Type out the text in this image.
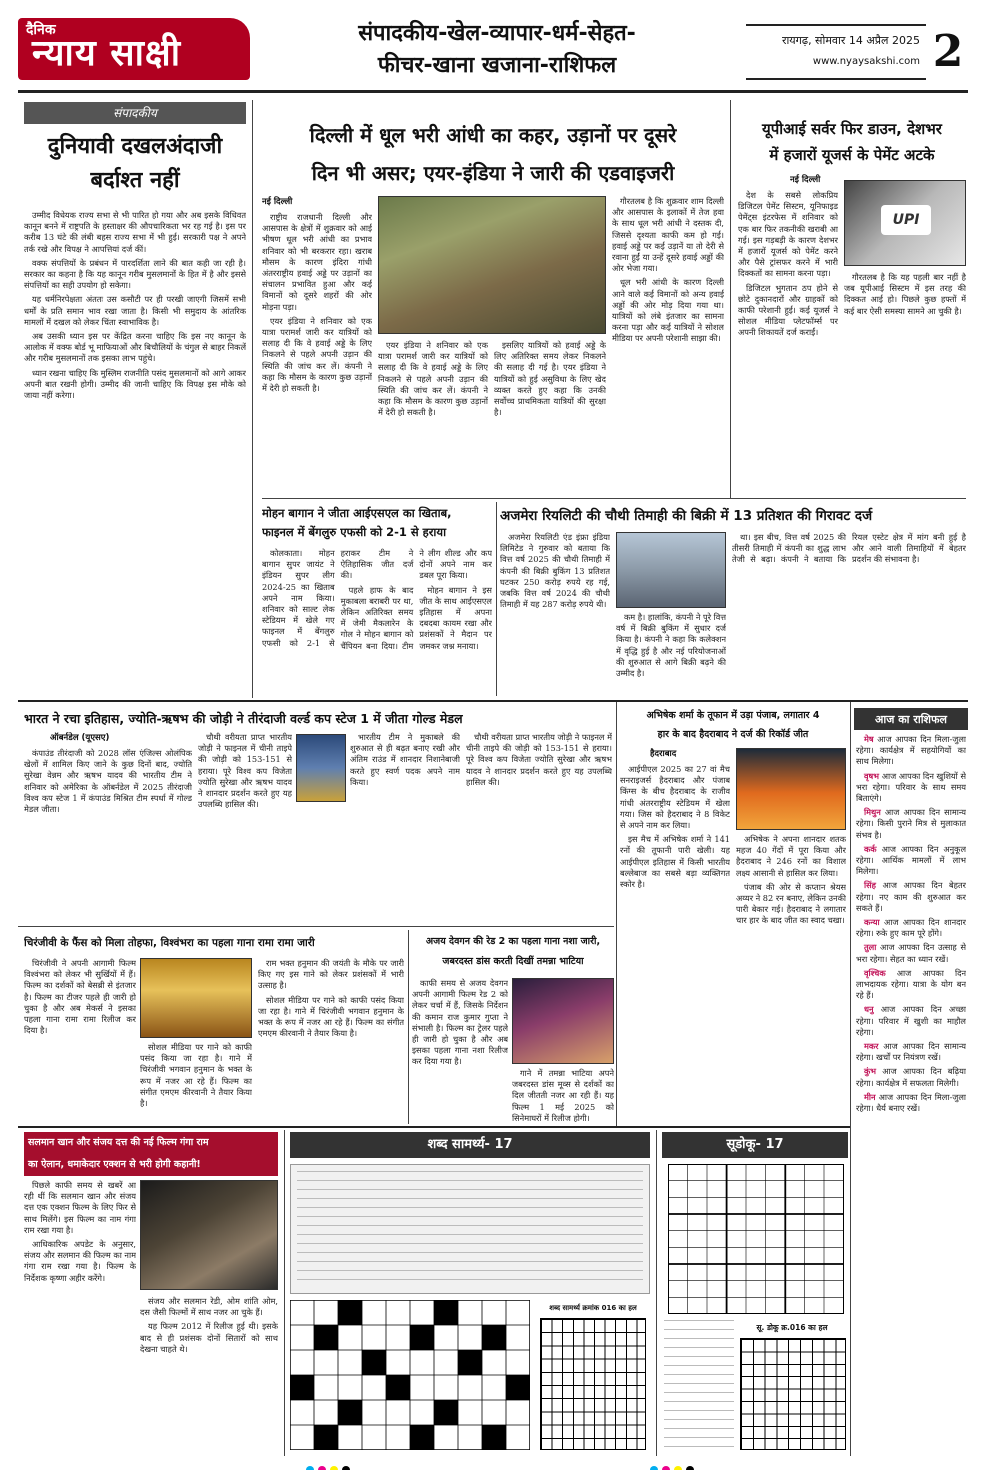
दैनिक
न्याय साक्षी	संपादकीय-खेल-व्यापार-धर्म-सेहत-
फीचर-खाना खजाना-राशिफल
रायगढ़, सोमवार 14 अप्रैल 2025
www.nyaysakshi.com 2
संपादकीय
दुनियावी दखलअंदाजी
बर्दाश्त नहीं

उम्मीद विधेयक राज्य सभा से भी पारित हो गया और अब इसके विधिवत कानून बनने में राष्ट्रपति के हस्ताक्षर की औपचारिकता भर रह गई है। इस पर करीब 13 घंटे की लंबी बहस राज्य सभा में भी हुई। सरकारी पक्ष ने अपने तर्क रखे और विपक्ष ने आपत्तियां दर्ज कीं।

वक्फ संपत्तियों के प्रबंधन में पारदर्शिता लाने की बात कही जा रही है। सरकार का कहना है कि यह कानून गरीब मुसलमानों के हित में है और इससे संपत्तियों का सही उपयोग हो सकेगा।

यह धर्मनिरपेक्षता अंततः उस कसौटी पर ही परखी जाएगी जिसमें सभी धर्मों के प्रति समान भाव रखा जाता है। किसी भी समुदाय के आंतरिक मामलों में दखल को लेकर चिंता स्वाभाविक है।

अब उसकी ध्यान इस पर केंद्रित करना चाहिए कि इस नए कानून के आलोक में वक्फ बोर्ड भू माफियाओं और बिचौलियों के चंगुल से बाहर निकलें और गरीब मुसलमानों तक इसका लाभ पहुंचे।

ध्यान रखना चाहिए कि मुस्लिम राजनीति पसंद मुसलमानों को आगे आकर अपनी बात रखनी होगी। उम्मीद की जानी चाहिए कि विपक्ष इस मौके को जाया नहीं करेगा।

दिल्ली में धूल भरी आंधी का कहर, उड़ानों पर दूसरे
दिन भी असर; एयर-इंडिया ने जारी की एडवाइजरी
नई दिल्ली

राष्ट्रीय राजधानी दिल्ली और आसपास के क्षेत्रों में शुक्रवार को आई भीषण धूल भरी आंधी का प्रभाव शनिवार को भी बरकरार रहा। खराब मौसम के कारण इंदिरा गांधी अंतरराष्ट्रीय हवाई अड्डे पर उड़ानों का संचालन प्रभावित हुआ और कई विमानों को दूसरे शहरों की ओर मोड़ना पड़ा।

एयर इंडिया ने शनिवार को एक यात्रा परामर्श जारी कर यात्रियों को सलाह दी कि वे हवाई अड्डे के लिए निकलने से पहले अपनी उड़ान की स्थिति की जांच कर लें। कंपनी ने कहा कि मौसम के कारण कुछ उड़ानों में देरी हो सकती है।

एयर इंडिया ने शनिवार को एक यात्रा परामर्श जारी कर यात्रियों को सलाह दी कि वे हवाई अड्डे के लिए निकलने से पहले अपनी उड़ान की स्थिति की जांच कर लें। कंपनी ने कहा कि मौसम के कारण कुछ उड़ानों में देरी हो सकती है।

इसलिए यात्रियों को हवाई अड्डे के लिए अतिरिक्त समय लेकर निकलने की सलाह दी गई है। एयर इंडिया ने यात्रियों को हुई असुविधा के लिए खेद व्यक्त करते हुए कहा कि उनकी सर्वोच्च प्राथमिकता यात्रियों की सुरक्षा है।

गौरतलब है कि शुक्रवार शाम दिल्ली और आसपास के इलाकों में तेज हवा के साथ धूल भरी आंधी ने दस्तक दी, जिससे दृश्यता काफी कम हो गई। हवाई अड्डे पर कई उड़ानें या तो देरी से रवाना हुईं या उन्हें दूसरे हवाई अड्डों की ओर भेजा गया।

धूल भरी आंधी के कारण दिल्ली आने वाले कई विमानों को अन्य हवाई अड्डों की ओर मोड़ दिया गया था। यात्रियों को लंबे इंतजार का सामना करना पड़ा और कई यात्रियों ने सोशल मीडिया पर अपनी परेशानी साझा की।

यूपीआई सर्वर फिर डाउन, देशभर
में हजारों यूजर्स के पेमेंट अटके
नई दिल्ली

देश के सबसे लोकप्रिय डिजिटल पेमेंट सिस्टम, यूनिफाइड पेमेंट्स इंटरफेस में शनिवार को एक बार फिर तकनीकी खराबी आ गई। इस गड़बड़ी के कारण देशभर में हजारों यूजर्स को पेमेंट करने और पैसे ट्रांसफर करने में भारी दिक्कतों का सामना करना पड़ा।

डिजिटल भुगतान ठप होने से छोटे दुकानदारों और ग्राहकों को काफी परेशानी हुई। कई यूजर्स ने सोशल मीडिया प्लेटफॉर्म्स पर अपनी शिकायतें दर्ज कराईं।

UPI

गौरतलब है कि यह पहली बार नहीं है जब यूपीआई सिस्टम में इस तरह की दिक्कत आई हो। पिछले कुछ हफ्तों में कई बार ऐसी समस्या सामने आ चुकी है।

मोहन बागान ने जीता आईएसएल का खिताब,
फाइनल में बेंगलुरु एफसी को 2-1 से हराया

कोलकाता। मोहन बागान सुपर जायंट ने इंडियन सुपर लीग 2024-25 का खिताब अपने नाम किया। शनिवार को साल्ट लेक स्टेडियम में खेले गए फाइनल में बेंगलुरु एफसी को 2-1 से हराकर टीम ने ऐतिहासिक जीत दर्ज की।

पहले हाफ के बाद मुकाबला बराबरी पर था, लेकिन अतिरिक्त समय में जेमी मैकलारेन के गोल ने मोहन बागान को चैंपियन बना दिया। टीम ने लीग शील्ड और कप दोनों अपने नाम कर डबल पूरा किया।

मोहन बागान ने इस जीत के साथ आईएसएल इतिहास में अपना दबदबा कायम रखा और प्रशंसकों ने मैदान पर जमकर जश्न मनाया।

अजमेरा रियलिटी की चौथी तिमाही की बिक्री में 13 प्रतिशत की गिरावट दर्ज

अजमेरा रियलिटी एंड इंफ्रा इंडिया लिमिटेड ने गुरुवार को बताया कि वित्त वर्ष 2025 की चौथी तिमाही में कंपनी की बिक्री बुकिंग 13 प्रतिशत घटकर 250 करोड़ रुपये रह गई, जबकि वित्त वर्ष 2024 की चौथी तिमाही में यह 287 करोड़ रुपये थी।

कम है। हालांकि, कंपनी ने पूरे वित्त वर्ष में बिक्री बुकिंग में सुधार दर्ज किया है। कंपनी ने कहा कि कलेक्शन में वृद्धि हुई है और नई परियोजनाओं की शुरुआत से आगे बिक्री बढ़ने की उम्मीद है।

था। इस बीच, वित्त वर्ष 2025 की तीसरी तिमाही में कंपनी का शुद्ध लाभ तेजी से बढ़ा। कंपनी ने बताया कि रियल एस्टेट क्षेत्र में मांग बनी हुई है और आने वाली तिमाहियों में बेहतर प्रदर्शन की संभावना है।

भारत ने रचा इतिहास, ज्योति-ऋषभ की जोड़ी ने तीरंदाजी वर्ल्ड कप स्टेज 1 में जीता गोल्ड मेडल
ऑबर्नडेल (यूएसए)

कंपाउंड तीरंदाजी को 2028 लॉस एंजिल्स ओलंपिक खेलों में शामिल किए जाने के कुछ दिनों बाद, ज्योति सुरेखा वेन्नम और ऋषभ यादव की भारतीय टीम ने शनिवार को अमेरिका के ऑबर्नडेल में 2025 तीरंदाजी विश्व कप स्टेज 1 में कंपाउंड मिश्रित टीम स्पर्धा में गोल्ड मेडल जीता।

चौथी वरीयता प्राप्त भारतीय जोड़ी ने फाइनल में चीनी ताइपे की जोड़ी को 153-151 से हराया। पूरे विश्व कप विजेता ज्योति सुरेखा और ऋषभ यादव ने शानदार प्रदर्शन करते हुए यह उपलब्धि हासिल की।

भारतीय टीम ने मुकाबले की शुरुआत से ही बढ़त बनाए रखी और अंतिम राउंड में शानदार निशानेबाजी करते हुए स्वर्ण पदक अपने नाम किया।

चौथी वरीयता प्राप्त भारतीय जोड़ी ने फाइनल में चीनी ताइपे की जोड़ी को 153-151 से हराया। पूरे विश्व कप विजेता ज्योति सुरेखा और ऋषभ यादव ने शानदार प्रदर्शन करते हुए यह उपलब्धि हासिल की।

चिरंजीवी के फैंस को मिला तोहफा, विश्वंभरा का पहला गाना रामा रामा जारी

चिरंजीवी ने अपनी आगामी फिल्म विश्वंभरा को लेकर भी सुर्खियों में हैं। फिल्म का दर्शकों को बेसब्री से इंतजार है। फिल्म का टीजर पहले ही जारी हो चुका है और अब मेकर्स ने इसका पहला गाना रामा रामा रिलीज कर दिया है।

सोशल मीडिया पर गाने को काफी पसंद किया जा रहा है। गाने में चिरंजीवी भगवान हनुमान के भक्त के रूप में नजर आ रहे हैं। फिल्म का संगीत एमएम कीरवानी ने तैयार किया है।

राम भक्त हनुमान की जयंती के मौके पर जारी किए गए इस गाने को लेकर प्रशंसकों में भारी उत्साह है।

सोशल मीडिया पर गाने को काफी पसंद किया जा रहा है। गाने में चिरंजीवी भगवान हनुमान के भक्त के रूप में नजर आ रहे हैं। फिल्म का संगीत एमएम कीरवानी ने तैयार किया है।

अजय देवगन की रेड 2 का पहला गाना नशा जारी,
जबरदस्त डांस करती दिखीं तमन्ना भाटिया

काफी समय से अजय देवगन अपनी आगामी फिल्म रेड 2 को लेकर चर्चा में हैं, जिसके निर्देशन की कमान राज कुमार गुप्ता ने संभाली है। फिल्म का ट्रेलर पहले ही जारी हो चुका है और अब इसका पहला गाना नशा रिलीज कर दिया गया है।

गाने में तमन्ना भाटिया अपने जबरदस्त डांस मूव्स से दर्शकों का दिल जीतती नजर आ रही हैं। यह फिल्म 1 मई 2025 को सिनेमाघरों में रिलीज होगी।

अभिषेक शर्मा के तूफान में उड़ा पंजाब, लगातार 4
हार के बाद हैदराबाद ने दर्ज की रिकॉर्ड जीत
हैदराबाद

आईपीएल 2025 का 27 वां मैच सनराइजर्स हैदराबाद और पंजाब किंग्स के बीच हैदराबाद के राजीव गांधी अंतरराष्ट्रीय स्टेडियम में खेला गया। जिस को हैदराबाद ने 8 विकेट से अपने नाम कर लिया।

इस मैच में अभिषेक शर्मा ने 141 रनों की तूफानी पारी खेली। यह आईपीएल इतिहास में किसी भारतीय बल्लेबाज का सबसे बड़ा व्यक्तिगत स्कोर है।

अभिषेक ने अपना शानदार शतक महज 40 गेंदों में पूरा किया और हैदराबाद ने 246 रनों का विशाल लक्ष्य आसानी से हासिल कर लिया।

पंजाब की ओर से कप्तान श्रेयस अय्यर ने 82 रन बनाए, लेकिन उनकी पारी बेकार गई। हैदराबाद ने लगातार चार हार के बाद जीत का स्वाद चखा।

आज का राशिफल

मेष आज आपका दिन मिला-जुला रहेगा। कार्यक्षेत्र में सहयोगियों का साथ मिलेगा।

वृषभ आज आपका दिन खुशियों से भरा रहेगा। परिवार के साथ समय बिताएंगे।

मिथुन आज आपका दिन सामान्य रहेगा। किसी पुराने मित्र से मुलाकात संभव है।

कर्क आज आपका दिन अनुकूल रहेगा। आर्थिक मामलों में लाभ मिलेगा।

सिंह आज आपका दिन बेहतर रहेगा। नए काम की शुरुआत कर सकते हैं।

कन्या आज आपका दिन शानदार रहेगा। रुके हुए काम पूरे होंगे।

तुला आज आपका दिन उत्साह से भरा रहेगा। सेहत का ध्यान रखें।

वृश्चिक आज आपका दिन लाभदायक रहेगा। यात्रा के योग बन रहे हैं।

धनु आज आपका दिन अच्छा रहेगा। परिवार में खुशी का माहौल रहेगा।

मकर आज आपका दिन सामान्य रहेगा। खर्चों पर नियंत्रण रखें।

कुंभ आज आपका दिन बढ़िया रहेगा। कार्यक्षेत्र में सफलता मिलेगी।

मीन आज आपका दिन मिला-जुला रहेगा। धैर्य बनाए रखें।

सलमान खान और संजय दत्त की नई फिल्म गंगा राम
का ऐलान, धमाकेदार एक्शन से भरी होगी कहानी!

पिछले काफी समय से खबरें आ रही थीं कि सलमान खान और संजय दत्त एक एक्शन फिल्म के लिए फिर से साथ मिलेंगे। इस फिल्म का नाम गंगा राम रखा गया है।

आधिकारिक अपडेट के अनुसार, संजय और सलमान की फिल्म का नाम गंगा राम रखा गया है। फिल्म के निर्देशक कृष्णा अहीर करेंगे।

संजय और सलमान रेडी, ओम शांति ओम, दस जैसी फिल्मों में साथ नजर आ चुके हैं।

यह फिल्म 2012 में रिलीज हुई थी। इसके बाद से ही प्रशंसक दोनों सितारों को साथ देखना चाहते थे।

शब्द सामर्थ्य- 17
शब्द सामर्थ्य क्रमांक 016 का हल
सूडोकू- 17
सू. डोकू क्र.016 का हल
